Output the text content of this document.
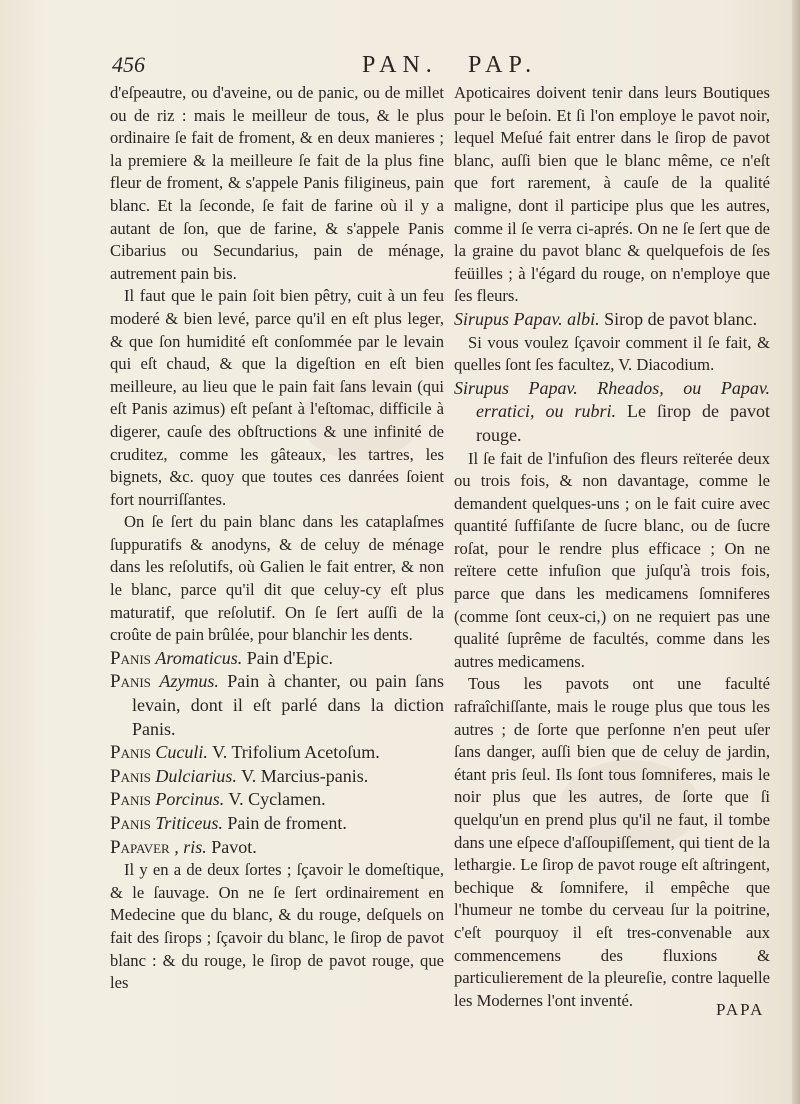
456	PAN. PAP.

d'eſpeautre, ou d'aveine, ou de panic, ou de millet ou de riz : mais le meilleur de tous, & le plus ordinaire ſe fait de froment, & en deux manieres ; la premiere & la meilleure ſe fait de la plus fine fleur de froment, & s'appele Panis filigineus, pain blanc. Et la ſeconde, ſe fait de farine où il y a autant de ſon, que de farine, & s'appele Panis Cibarius ou Secundarius, pain de ménage, autrement pain bis.

Il faut que le pain ſoit bien pêtry, cuit à un feu moderé & bien levé, parce qu'il en eſt plus leger, & que ſon humidité eſt conſommée par le levain qui eſt chaud, & que la digeſtion en eſt bien meilleure, au lieu que le pain fait ſans levain (qui eſt Panis azimus) eſt peſant à l'eſtomac, difficile à digerer, cauſe des obſtructions & une infinité de cruditez, comme les gâteaux, les tartres, les bignets, &c. quoy que toutes ces danrées ſoient fort nourriſſantes.

On ſe ſert du pain blanc dans les cataplaſmes ſuppuratifs & anodyns, & de celuy de ménage dans les reſolutifs, où Galien le fait entrer, & non le blanc, parce qu'il dit que celuy-cy eſt plus maturatif, que reſolutif. On ſe ſert auſſi de la croûte de pain brûlée, pour blanchir les dents.

Panis Aromaticus. Pain d'Epic.

Panis Azymus. Pain à chanter, ou pain ſans levain, dont il eſt parlé dans la diction Panis.

Panis Cuculi. V. Trifolium Acetoſum.

Panis Dulciarius. V. Marcius-panis.

Panis Porcinus. V. Cyclamen.

Panis Triticeus. Pain de froment.

Papaver , ris. Pavot.

Il y en a de deux ſortes ; ſçavoir le domeſtique, & le ſauvage. On ne ſe ſert ordinairement en Medecine que du blanc, & du rouge, deſquels on fait des ſirops ; ſçavoir du blanc, le ſirop de pavot blanc : & du rouge, le ſirop de pavot rouge, que les

Apoticaires doivent tenir dans leurs Boutiques pour le beſoin. Et ſi l'on employe le pavot noir, lequel Meſué fait entrer dans le ſirop de pavot blanc, auſſi bien que le blanc même, ce n'eſt que fort rarement, à cauſe de la qualité maligne, dont il participe plus que les autres, comme il ſe verra ci-aprés. On ne ſe ſert que de la graine du pavot blanc & quelquefois de ſes feüilles ; à l'égard du rouge, on n'employe que ſes fleurs.

Sirupus Papav. albi. Sirop de pavot blanc.

Si vous voulez ſçavoir comment il ſe fait, & quelles ſont ſes facultez, V. Diacodium.

Sirupus Papav. Rheados, ou Papav. erratici, ou rubri. Le ſirop de pavot rouge.

Il ſe fait de l'infuſion des fleurs reïterée deux ou trois fois, & non davantage, comme le demandent quelques-uns ; on le fait cuire avec quantité ſuffiſante de ſucre blanc, ou de ſucre roſat, pour le rendre plus efficace ; On ne reïtere cette infuſion que juſqu'à trois fois, parce que dans les medicamens ſomniferes (comme ſont ceux-ci,) on ne requiert pas une qualité ſuprême de facultés, comme dans les autres medicamens.

Tous les pavots ont une faculté rafraîchiſſante, mais le rouge plus que tous les autres ; de ſorte que perſonne n'en peut uſer ſans danger, auſſi bien que de celuy de jardin, étant pris ſeul. Ils ſont tous ſomniferes, mais le noir plus que les autres, de ſorte que ſi quelqu'un en prend plus qu'il ne faut, il tombe dans une eſpece d'aſſoupiſſement, qui tient de la lethargie. Le ſirop de pavot rouge eſt aſtringent, bechique & ſomnifere, il empêche que l'humeur ne tombe du cerveau ſur la poitrine, c'eſt pourquoy il eſt tres-convenable aux commencemens des fluxions & particulierement de la pleureſie, contre laquelle les Modernes l'ont inventé.	PAPA
